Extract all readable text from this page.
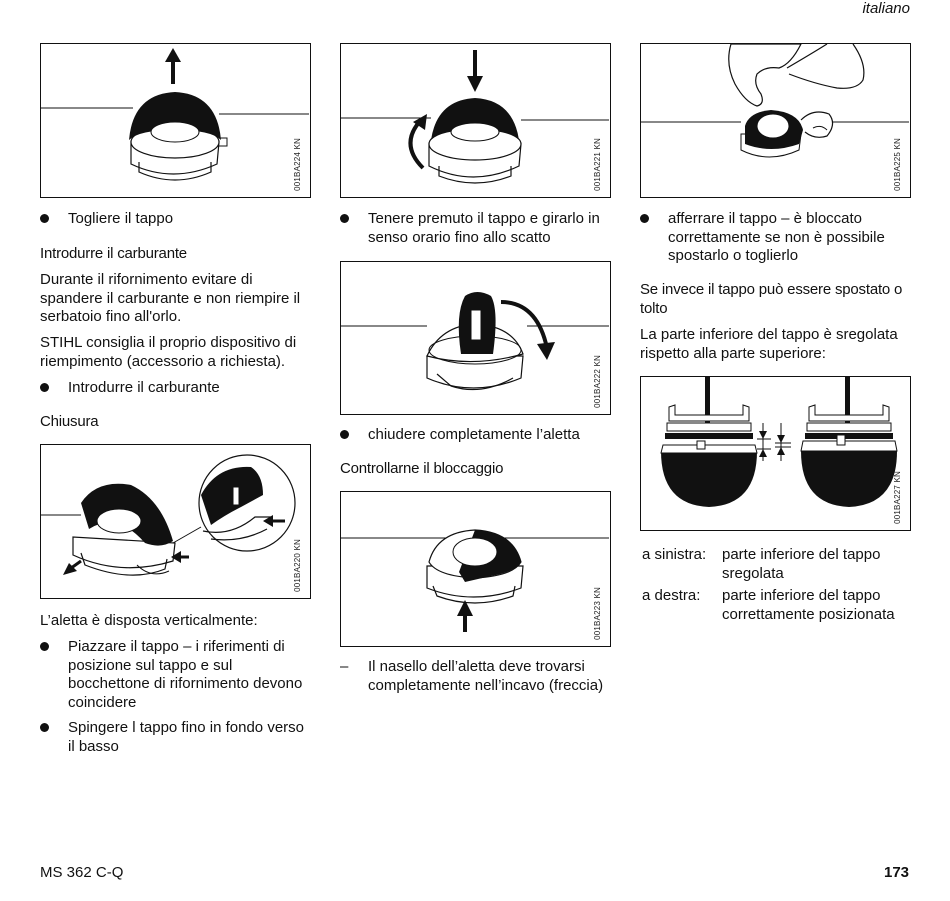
italiano
001BA224 KN	001BA221 KN	001BA225 KN
Togliere il tappo
Introdurre il carburante
Durante il rifornimento evitare di spandere il carburante e non riempire il serbatoio fino all'orlo.
STIHL consiglia il proprio dispositivo di riempimento (accessorio a richiesta).
Introdurre il carburante
Chiusura
001BA220 KN
L’aletta è disposta verticalmente:
Piazzare il tappo – i riferimenti di posizione sul tappo e sul bocchettone di rifornimento devono coincidere
Spingere l tappo fino in fondo verso il basso
Tenere premuto il tappo e girarlo in senso orario fino allo scatto
001BA222 KN
chiudere completamente l’aletta
Controllarne il bloccaggio
001BA223 KN
– Il nasello dell’aletta deve trovarsi completamente nell’incavo (freccia)
afferrare il tappo – è bloccato correttamente se non è possibile spostarlo o toglierlo
Se invece il tappo può essere spostato o tolto
La parte inferiore del tappo è sregolata rispetto alla parte superiore:
001BA227 KN
a sinistra: parte inferiore del tappo sregolata
a destra: parte inferiore del tappo correttamente posizionata
MS 362 C-Q	173
